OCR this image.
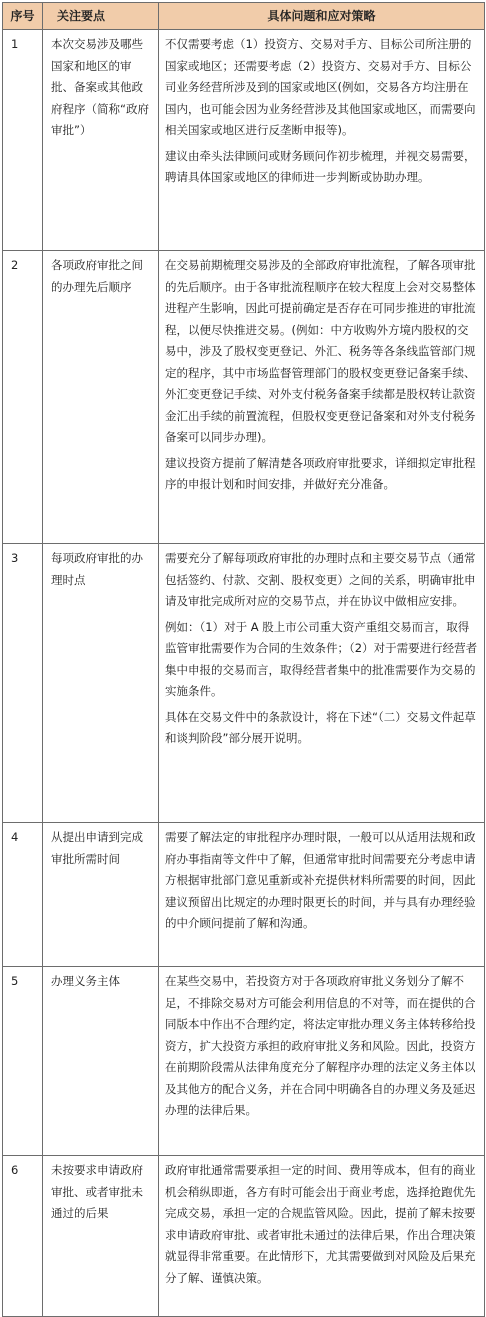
序号	关注要点	具体问题和应对策略
1	本次交易涉及哪些国家和地区的审批、备案或其他政府程序（简称“政府审批”）	不仅需要考虑（1）投资方、交易对手方、目标公司所注册的国家或地区；还需要考虑（2）投资方、交易对手方、目标公司业务经营所涉及到的国家或地区(例如，交易各方均注册在国内，也可能会因为业务经营涉及其他国家或地区，而需要向相关国家或地区进行反垄断申报等)。

建议由牵头法律顾问或财务顾问作初步梳理，并视交易需要，聘请具体国家或地区的律师进一步判断或协助办理。

2	各项政府审批之间的办理先后顺序	在交易前期梳理交易涉及的全部政府审批流程，了解各项审批的先后顺序。由于各审批流程顺序在较大程度上会对交易整体进程产生影响，因此可提前确定是否存在可同步推进的审批流程，以便尽快推进交易。(例如：中方收购外方境内股权的交易中，涉及了股权变更登记、外汇、税务等各条线监管部门规定的程序，其中市场监督管理部门的股权变更登记备案手续、外汇变更登记手续、对外支付税务备案手续都是股权转让款资金汇出手续的前置流程，但股权变更登记备案和对外支付税务备案可以同步办理)。

建议投资方提前了解清楚各项政府审批要求，详细拟定审批程序的申报计划和时间安排，并做好充分准备。

3	每项政府审批的办理时点	需要充分了解每项政府审批的办理时点和主要交易节点（通常包括签约、付款、交割、股权变更）之间的关系，明确审批申请及审批完成所对应的交易节点，并在协议中做相应安排。

例如：（1）对于 A 股上市公司重大资产重组交易而言，取得监管审批需要作为合同的生效条件；（2）对于需要进行经营者集中申报的交易而言，取得经营者集中的批准需要作为交易的实施条件。

具体在交易文件中的条款设计，将在下述“（二）交易文件起草和谈判阶段”部分展开说明。

4	从提出申请到完成审批所需时间	需要了解法定的审批程序办理时限，一般可以从适用法规和政府办事指南等文件中了解，但通常审批时间需要充分考虑申请方根据审批部门意见重新或补充提供材料所需要的时间，因此建议预留出比规定的办理时限更长的时间，并与具有办理经验的中介顾问提前了解和沟通。

5	办理义务主体	在某些交易中，若投资方对于各项政府审批义务划分了解不足，不排除交易对方可能会利用信息的不对等，而在提供的合同版本中作出不合理约定，将法定审批办理义务主体转移给投资方，扩大投资方承担的政府审批义务和风险。因此，投资方在前期阶段需从法律角度充分了解程序办理的法定义务主体以及其他方的配合义务，并在合同中明确各自的办理义务及延迟办理的法律后果。

6	未按要求申请政府审批、或者审批未通过的后果	政府审批通常需要承担一定的时间、费用等成本，但有的商业机会稍纵即逝，各方有时可能会出于商业考虑，选择抢跑优先完成交易，承担一定的合规监管风险。因此，提前了解未按要求申请政府审批、或者审批未通过的法律后果，作出合理决策就显得非常重要。在此情形下，尤其需要做到对风险及后果充分了解、谨慎决策。
